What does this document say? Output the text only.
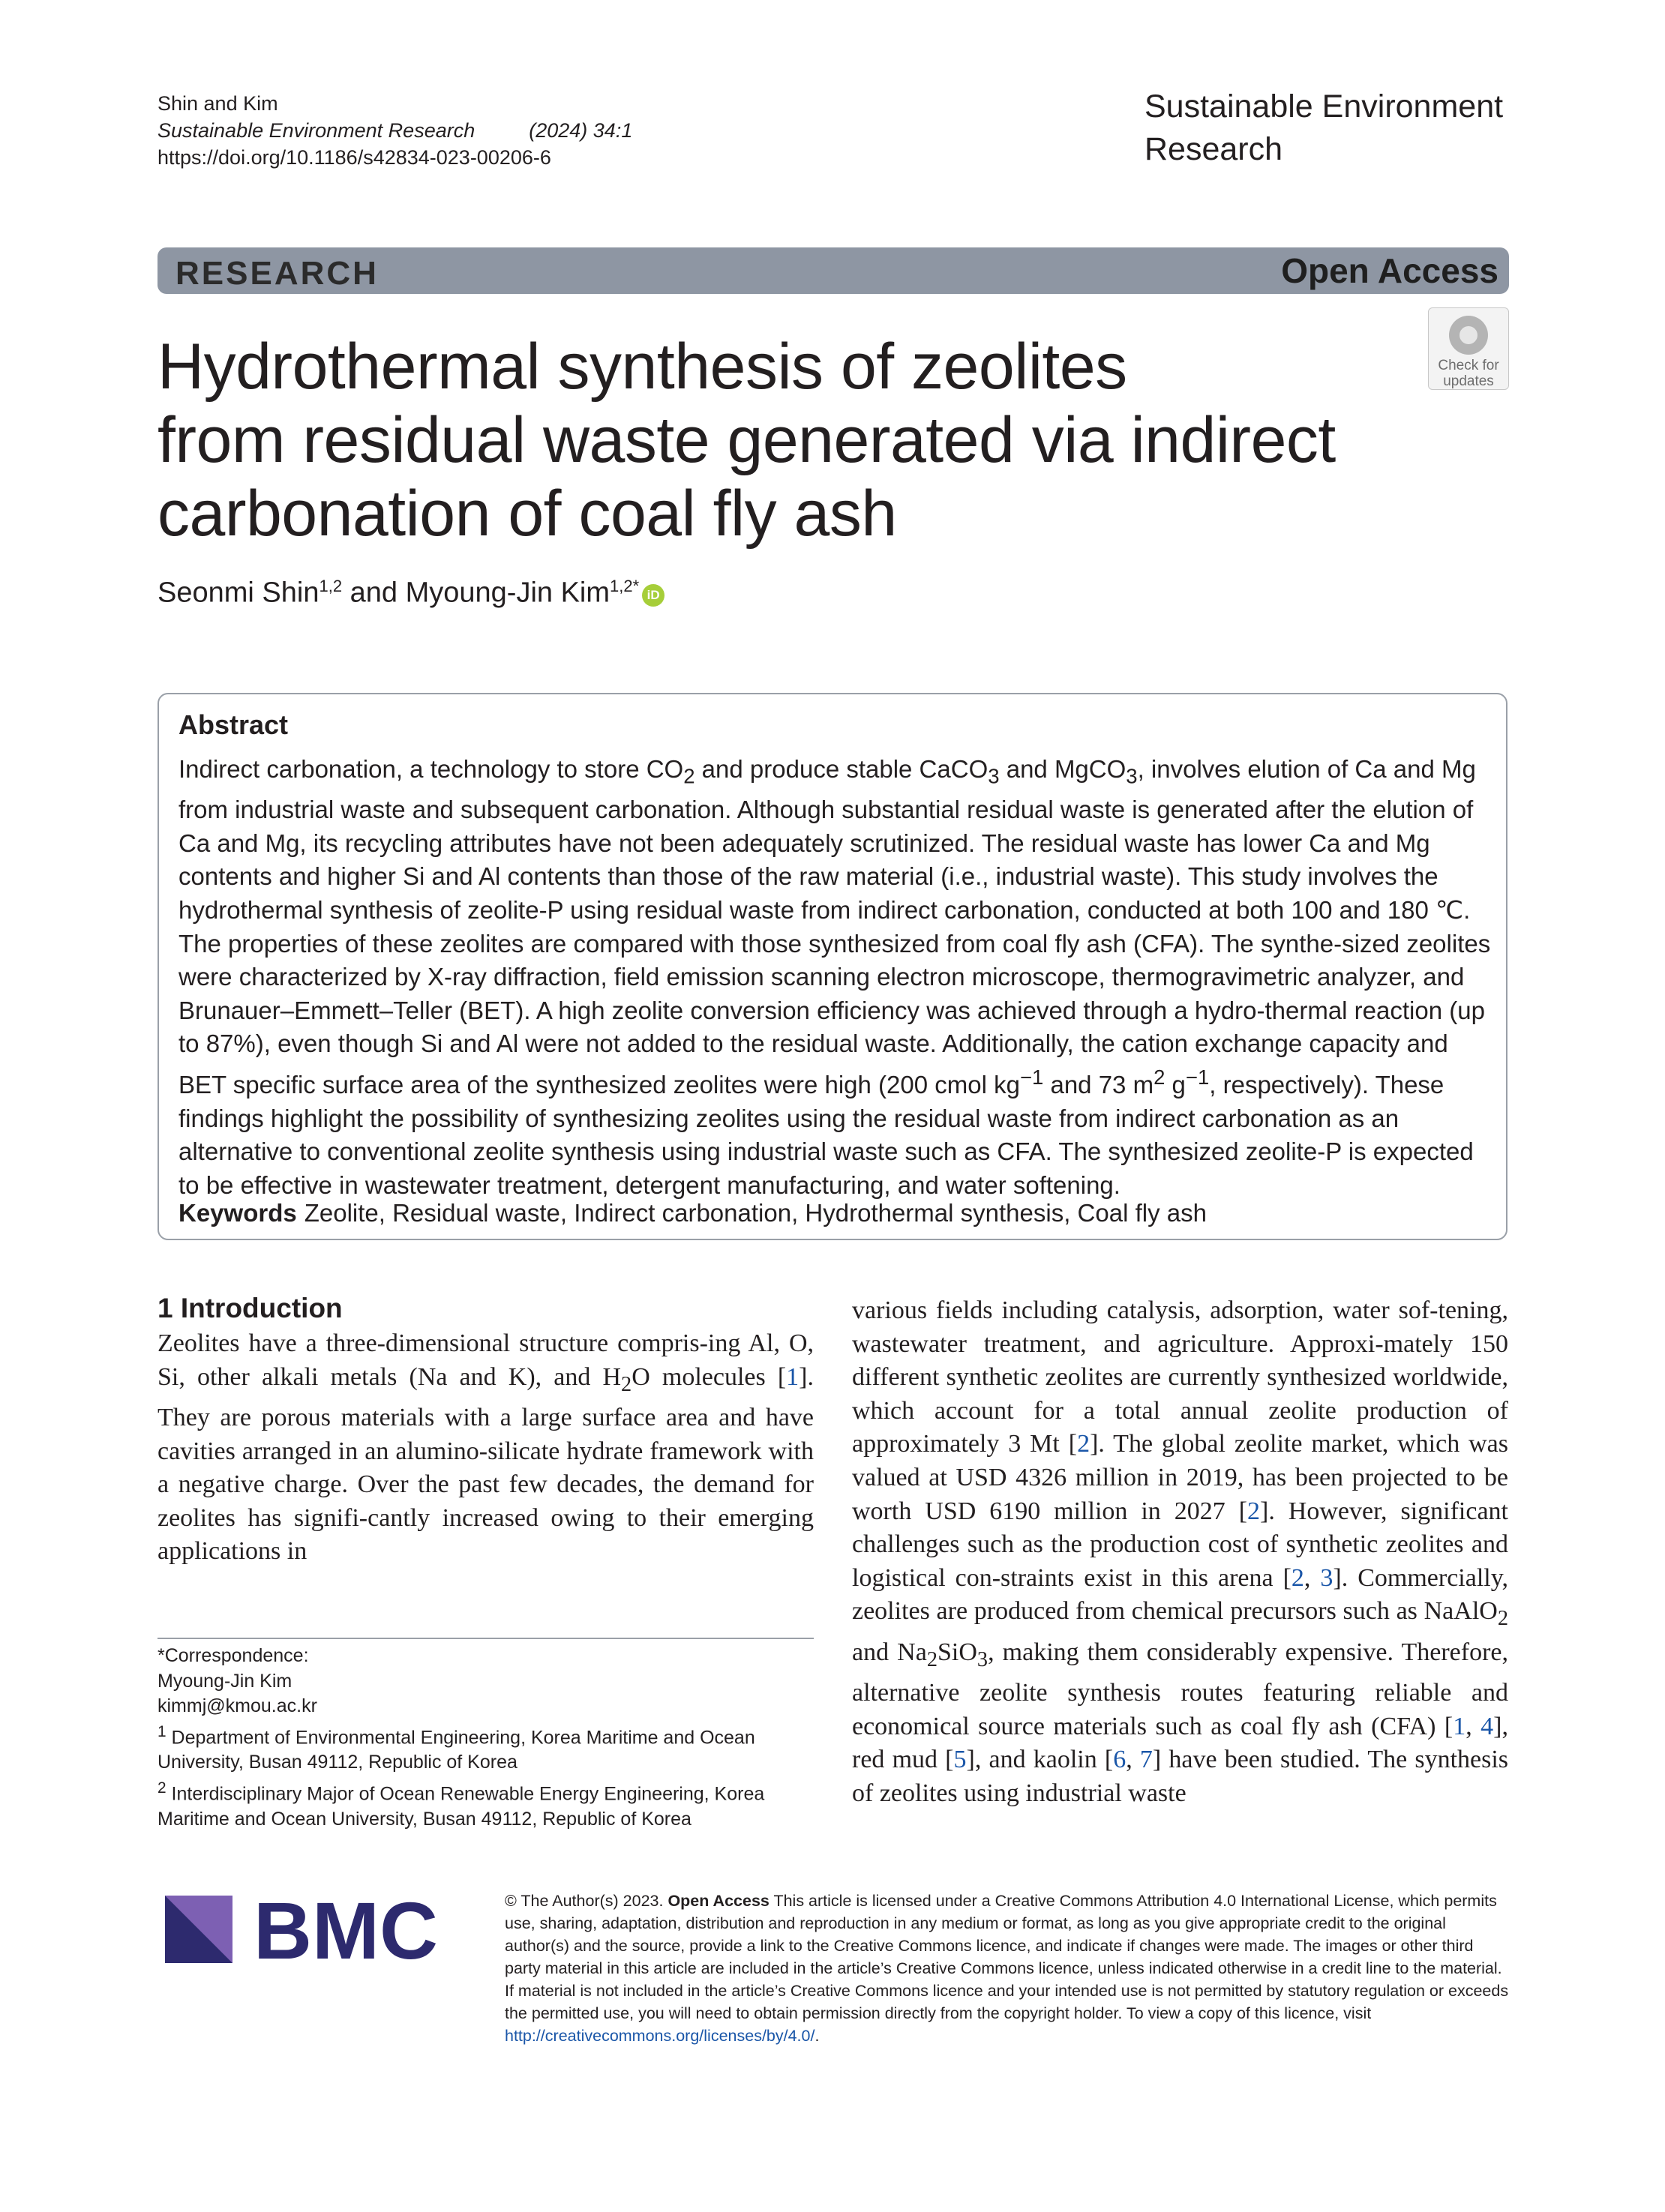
Shin and Kim
Sustainable Environment Research	(2024) 34:1
https://doi.org/10.1186/s42834-023-00206-6
Sustainable Environment
Research
RESEARCH	Open Access
Check for
updates
Hydrothermal synthesis of zeolites
from residual waste generated via indirect
carbonation of coal fly ash
Seonmi Shin$^{1,2}$ and Myoung-Jin Kim$^{1,2*}$ iD
Abstract

Indirect carbonation, a technology to store $CO_2$ and produce stable CaCO$_3$ and MgCO$_3$, involves elution of Ca and Mg from industrial waste and subsequent carbonation. Although substantial residual waste is generated after the elution of Ca and Mg, its recycling attributes have not been adequately scrutinized. The residual waste has lower Ca and Mg contents and higher Si and Al contents than those of the raw material (i.e., industrial waste). This study involves the hydrothermal synthesis of zeolite-P using residual waste from indirect carbonation, conducted at both 100 and 180 ℃. The properties of these zeolites are compared with those synthesized from coal fly ash (CFA). The synthe-sized zeolites were characterized by X-ray diffraction, field emission scanning electron microscope, thermogravimetric analyzer, and Brunauer–Emmett–Teller (BET). A high zeolite conversion efficiency was achieved through a hydro-thermal reaction (up to 87%), even though Si and Al were not added to the residual waste. Additionally, the cation exchange capacity and BET specific surface area of the synthesized zeolites were high (200 cmol $kg^{-1}$ and 73 $m^2$ $g^{-1}$, respectively). These findings highlight the possibility of synthesizing zeolites using the residual waste from indirect carbonation as an alternative to conventional zeolite synthesis using industrial waste such as CFA. The synthesized zeolite-P is expected to be effective in wastewater treatment, detergent manufacturing, and water softening.

Keywords Zeolite, Residual waste, Indirect carbonation, Hydrothermal synthesis, Coal fly ash
1 Introduction

Zeolites have a three-dimensional structure compris-ing Al, O, Si, other alkali metals (Na and K), and $H_2O$ molecules [1]. They are porous materials with a large surface area and have cavities arranged in an alumino-silicate hydrate framework with a negative charge. Over the past few decades, the demand for zeolites has signifi-cantly increased owing to their emerging applications in

various fields including catalysis, adsorption, water sof-tening, wastewater treatment, and agriculture. Approxi-mately 150 different synthetic zeolites are currently synthesized worldwide, which account for a total annual zeolite production of approximately 3 Mt [2]. The global zeolite market, which was valued at USD 4326 million in 2019, has been projected to be worth USD 6190 million in 2027 [2]. However, significant challenges such as the production cost of synthetic zeolites and logistical con-straints exist in this arena [2, 3]. Commercially, zeolites are produced from chemical precursors such as NaAlO$_2$ and $Na_2SiO_3$, making them considerably expensive. Therefore, alternative zeolite synthesis routes featuring reliable and economical source materials such as coal fly ash (CFA) [1, 4], red mud [5], and kaolin [6, 7] have been studied. The synthesis of zeolites using industrial waste

*Correspondence:
Myoung-Jin Kim
kimmj@kmou.ac.kr
$^1$ Department of Environmental Engineering, Korea Maritime and Ocean University, Busan 49112, Republic of Korea
$^2$ Interdisciplinary Major of Ocean Renewable Energy Engineering, Korea Maritime and Ocean University, Busan 49112, Republic of Korea
BMC	© The Author(s) 2023. Open Access This article is licensed under a Creative Commons Attribution 4.0 International License, which permits use, sharing, adaptation, distribution and reproduction in any medium or format, as long as you give appropriate credit to the original author(s) and the source, provide a link to the Creative Commons licence, and indicate if changes were made. The images or other third party material in this article are included in the article’s Creative Commons licence, unless indicated otherwise in a credit line to the material. If material is not included in the article’s Creative Commons licence and your intended use is not permitted by statutory regulation or exceeds the permitted use, you will need to obtain permission directly from the copyright holder. To view a copy of this licence, visit http://creativecommons.org/licenses/by/4.0/.
